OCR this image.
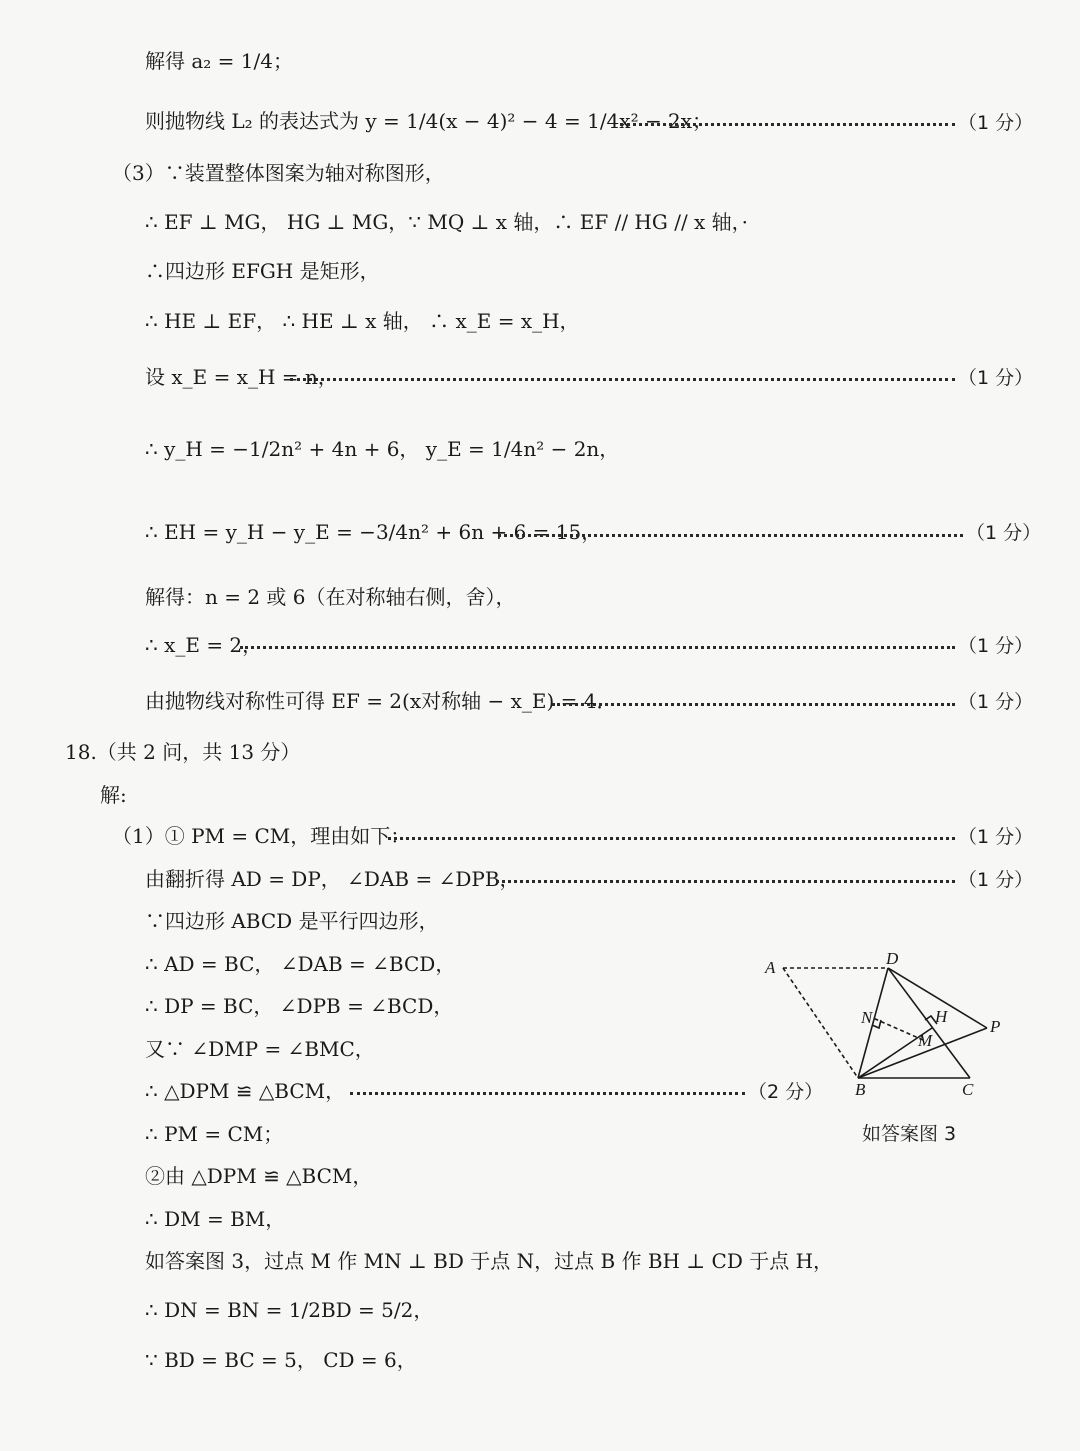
解得 a₂ = 1/4；
则抛物线 L₂ 的表达式为 y = 1/4(x − 4)² − 4 = 1/4x² − 2x；	（1 分）
（3）∵装置整体图案为轴对称图形，
∴ EF ⊥ MG， HG ⊥ MG，∵ MQ ⊥ x 轴，∴ EF // HG // x 轴，·
∴四边形 EFGH 是矩形，
∴ HE ⊥ EF， ∴ HE ⊥ x 轴， ∴ x_E = x_H，
设 x_E = x_H = n，	（1 分）
∴ y_H = −1/2n² + 4n + 6， y_E = 1/4n² − 2n，
∴ EH = y_H − y_E = −3/4n² + 6n + 6 = 15，	（1 分）
解得：n = 2 或 6（在对称轴右侧，舍），
∴ x_E = 2，	（1 分）
由抛物线对称性可得 EF = 2(x对称轴 − x_E) = 4．	（1 分）
18.（共 2 问，共 13 分）
解:
（1）① PM = CM，理由如下：	（1 分）
由翻折得 AD = DP， ∠DAB = ∠DPB，	（1 分）
∵四边形 ABCD 是平行四边形，
∴ AD = BC， ∠DAB = ∠BCD，
∴ DP = BC， ∠DPB = ∠BCD，
又∵ ∠DMP = ∠BMC，
∴ △DPM ≌ △BCM，	（2 分）
∴ PM = CM；
②由 △DPM ≌ △BCM，
∴ DM = BM，
如答案图 3，过点 M 作 MN ⊥ BD 于点 N，过点 B 作 BH ⊥ CD 于点 H，
∴ DN = BN = 1/2BD = 5/2，
∵ BD = BC = 5， CD = 6，
A	D
B	C
N	H
M
P
如答案图 3
